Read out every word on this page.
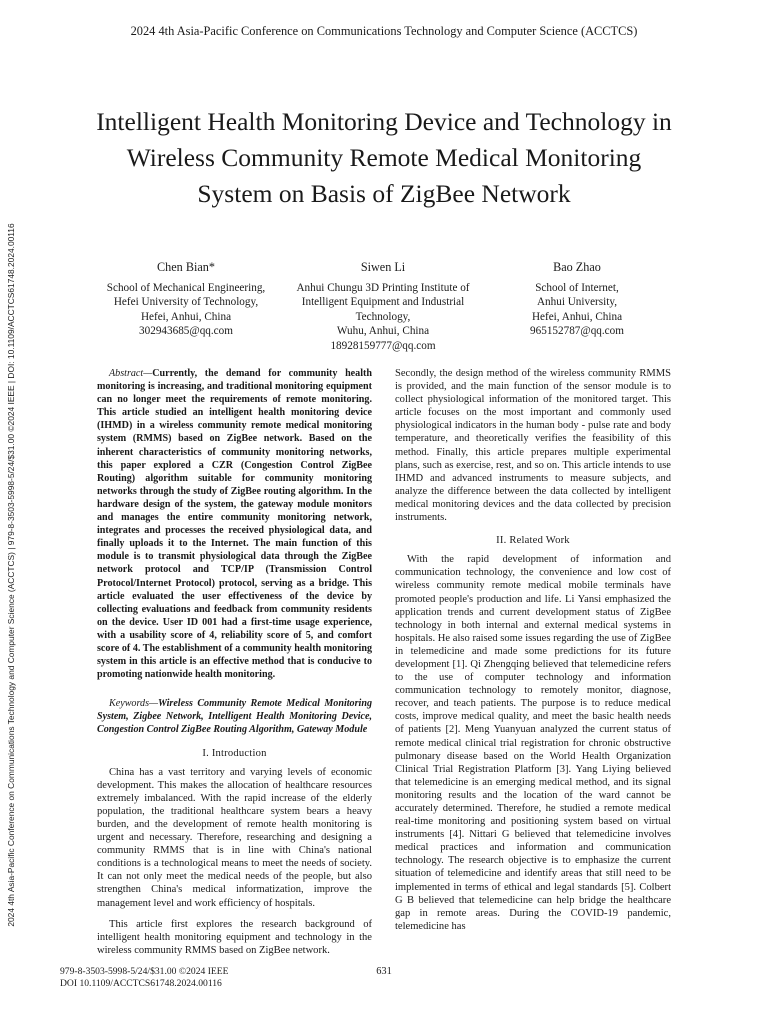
2024 4th Asia-Pacific Conference on Communications Technology and Computer Science (ACCTCS)
2024 4th Asia-Pacific Conference on Communications Technology and Computer Science (ACCTCS) | 979-8-3503-5998-5/24/$31.00 ©2024 IEEE | DOI: 10.1109/ACCTCS61748.2024.00116
Intelligent Health Monitoring Device and Technology in Wireless Community Remote Medical Monitoring System on Basis of ZigBee Network
Chen Bian*
School of Mechanical Engineering,
Hefei University of Technology,
Hefei, Anhui, China
302943685@qq.com
Siwen Li
Anhui Chungu 3D Printing Institute of
Intelligent Equipment and Industrial
Technology,
Wuhu, Anhui, China
18928159777@qq.com
Bao Zhao
School of Internet,
Anhui University,
Hefei, Anhui, China
965152787@qq.com

Abstract—Currently, the demand for community health monitoring is increasing, and traditional monitoring equipment can no longer meet the requirements of remote monitoring. This article studied an intelligent health monitoring device (IHMD) in a wireless community remote medical monitoring system (RMMS) based on ZigBee network. Based on the inherent characteristics of community monitoring networks, this paper explored a CZR (Congestion Control ZigBee Routing) algorithm suitable for community monitoring networks through the study of ZigBee routing algorithm. In the hardware design of the system, the gateway module monitors and manages the entire community monitoring network, integrates and processes the received physiological data, and finally uploads it to the Internet. The main function of this module is to transmit physiological data through the ZigBee network protocol and TCP/IP (Transmission Control Protocol/Internet Protocol) protocol, serving as a bridge. This article evaluated the user effectiveness of the device by collecting evaluations and feedback from community residents on the device. User ID 001 had a first-time usage experience, with a usability score of 4, reliability score of 5, and comfort score of 4. The establishment of a community health monitoring system in this article is an effective method that is conducive to promoting nationwide health monitoring.

Keywords—Wireless Community Remote Medical Monitoring System, Zigbee Network, Intelligent Health Monitoring Device, Congestion Control ZigBee Routing Algorithm, Gateway Module

I. Introduction

China has a vast territory and varying levels of economic development. This makes the allocation of healthcare resources extremely imbalanced. With the rapid increase of the elderly population, the traditional healthcare system bears a heavy burden, and the development of remote health monitoring is urgent and necessary. Therefore, researching and designing a community RMMS that is in line with China's national conditions is a technological means to meet the needs of society. It can not only meet the medical needs of the people, but also strengthen China's medical informatization, improve the management level and work efficiency of hospitals.

This article first explores the research background of intelligent health monitoring equipment and technology in the wireless community RMMS based on ZigBee network.

Secondly, the design method of the wireless community RMMS is provided, and the main function of the sensor module is to collect physiological information of the monitored target. This article focuses on the most important and commonly used physiological indicators in the human body - pulse rate and body temperature, and theoretically verifies the feasibility of this method. Finally, this article prepares multiple experimental plans, such as exercise, rest, and so on. This article intends to use IHMD and advanced instruments to measure subjects, and analyze the difference between the data collected by intelligent medical monitoring devices and the data collected by precision instruments.

II. Related Work

With the rapid development of information and communication technology, the convenience and low cost of wireless community remote medical mobile terminals have promoted people's production and life. Li Yansi emphasized the application trends and current development status of ZigBee technology in both internal and external medical systems in hospitals. He also raised some issues regarding the use of ZigBee in telemedicine and made some predictions for its future development [1]. Qi Zhengqing believed that telemedicine refers to the use of computer technology and information communication technology to remotely monitor, diagnose, recover, and teach patients. The purpose is to reduce medical costs, improve medical quality, and meet the basic health needs of patients [2]. Meng Yuanyuan analyzed the current status of remote medical clinical trial registration for chronic obstructive pulmonary disease based on the World Health Organization Clinical Trial Registration Platform [3]. Yang Liying believed that telemedicine is an emerging medical method, and its signal monitoring results and the location of the ward cannot be accurately determined. Therefore, he studied a remote medical real-time monitoring and positioning system based on virtual instruments [4]. Nittari G believed that telemedicine involves medical practices and information and communication technology. The research objective is to emphasize the current situation of telemedicine and identify areas that still need to be implemented in terms of ethical and legal standards [5]. Colbert G B believed that telemedicine can help bridge the healthcare gap in remote areas. During the COVID-19 pandemic, telemedicine has

979-8-3503-5998-5/24/$31.00 ©2024 IEEE
DOI 10.1109/ACCTCS61748.2024.00116
631
